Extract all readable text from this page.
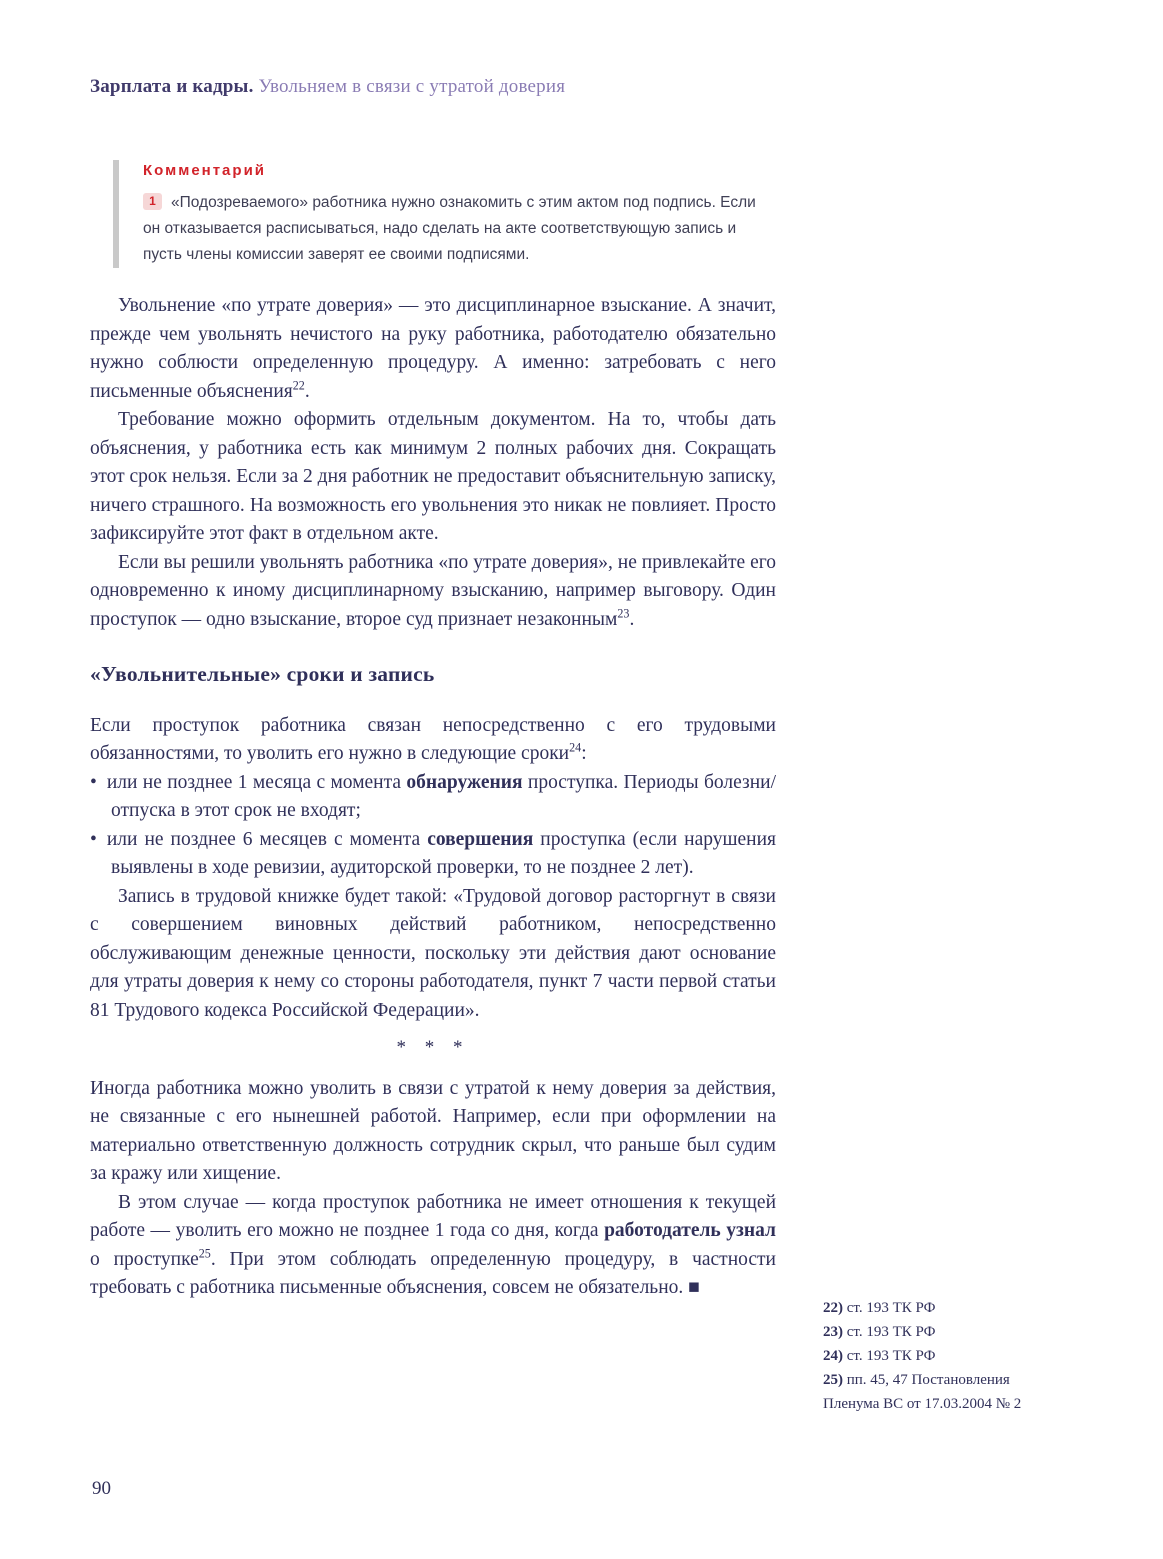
Зарплата и кадры. Увольняем в связи с утратой доверия
Комментарий
1 «Подозреваемого» работника нужно ознакомить с этим актом под подпись. Если он отказывается расписываться, надо сделать на акте соответствующую запись и пусть члены комиссии заверят ее своими подписями.

Увольнение «по утрате доверия» — это дисциплинарное взыскание. А значит, прежде чем увольнять нечистого на руку работника, работодателю обязательно нужно соблюсти определенную процедуру. А именно: затребовать с него письменные объяснения$^{22}$.

Требование можно оформить отдельным документом. На то, чтобы дать объяснения, у работника есть как минимум 2 полных рабочих дня. Сокращать этот срок нельзя. Если за 2 дня работник не предоставит объяснительную записку, ничего страшного. На возможность его увольнения это никак не повлияет. Просто зафиксируйте этот факт в отдельном акте.

Если вы решили увольнять работника «по утрате доверия», не привлекайте его одновременно к иному дисциплинарному взысканию, например выговору. Один проступок — одно взыскание, второе суд признает незаконным$^{23}$.

«Увольнительные» сроки и запись

Если проступок работника связан непосредственно с его трудовыми обязанностями, то уволить его нужно в следующие сроки$^{24}$:

• или не позднее 1 месяца с момента обнаружения проступка. Периоды болезни/отпуска в этот срок не входят;

• или не позднее 6 месяцев с момента совершения проступка (если нарушения выявлены в ходе ревизии, аудиторской проверки, то не позднее 2 лет).

Запись в трудовой книжке будет такой: «Трудовой договор расторгнут в связи с совершением виновных действий работником, непосредственно обслуживающим денежные ценности, поскольку эти действия дают основание для утраты доверия к нему со стороны работодателя, пункт 7 части первой статьи 81 Трудового кодекса Российской Федерации».

* * *

Иногда работника можно уволить в связи с утратой к нему доверия за действия, не связанные с его нынешней работой. Например, если при оформлении на материально ответственную должность сотрудник скрыл, что раньше был судим за кражу или хищение.

В этом случае — когда проступок работника не имеет отношения к текущей работе — уволить его можно не позднее 1 года со дня, когда работодатель узнал о проступке$^{25}$. При этом соблюдать определенную процедуру, в частности требовать с работника письменные объяснения, совсем не обязательно. ■

22) ст. 193 ТК РФ
23) ст. 193 ТК РФ
24) ст. 193 ТК РФ
25) пп. 45, 47 Постановления Пленума ВС от 17.03.2004 № 2
90
